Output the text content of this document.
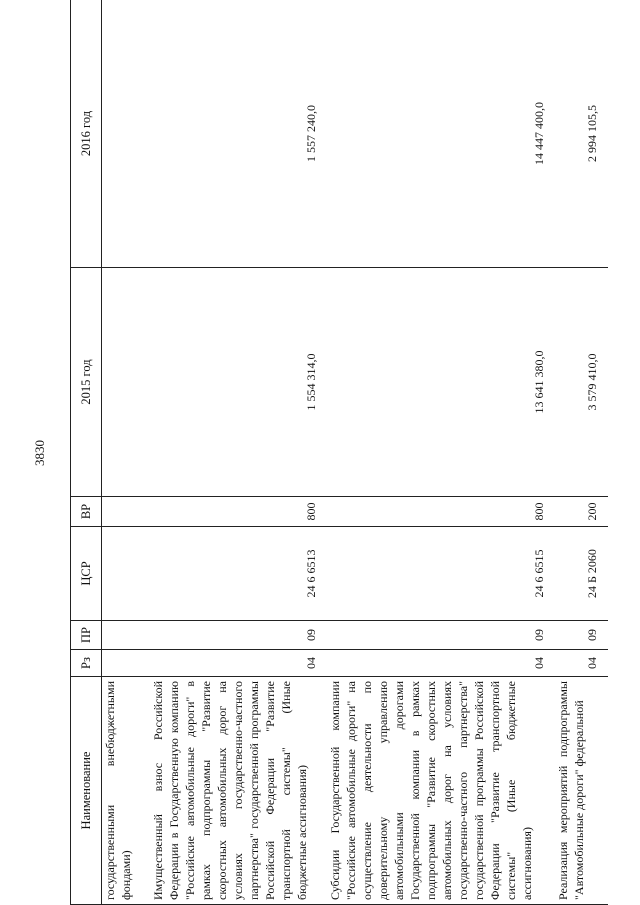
3830
Наименование	Рз	ПР	ЦСР	ВР	2015 год	2016 год
государственными внебюджетными фондами)						
Имущественный взнос Российской Федерации в Государственную компанию "Российские автомобильные дороги" в рамках подпрограммы "Развитие скоростных автомобильных дорог на условиях государственно-частного партнерства" государственной программы Российской Федерации "Развитие транспортной системы" (Иные бюджетные ассигнования)	04	09	24 6 6513	800	1 554 314,0	1 557 240,0
Субсидии Государственной компании "Российские автомобильные дороги" на осуществление деятельности по доверительному управлению автомобильными дорогами Государственной компании в рамках подпрограммы "Развитие скоростных автомобильных дорог на условиях государственно-частного партнерства" государственной программы Российской Федерации "Развитие транспортной системы" (Иные бюджетные ассигнования)	04	09	24 6 6515	800	13 641 380,0	14 447 400,0
Реализация мероприятий подпрограммы "Автомобильные дороги" федеральной	04	09	24 Б 2060	200	3 579 410,0	2 994 105,5
